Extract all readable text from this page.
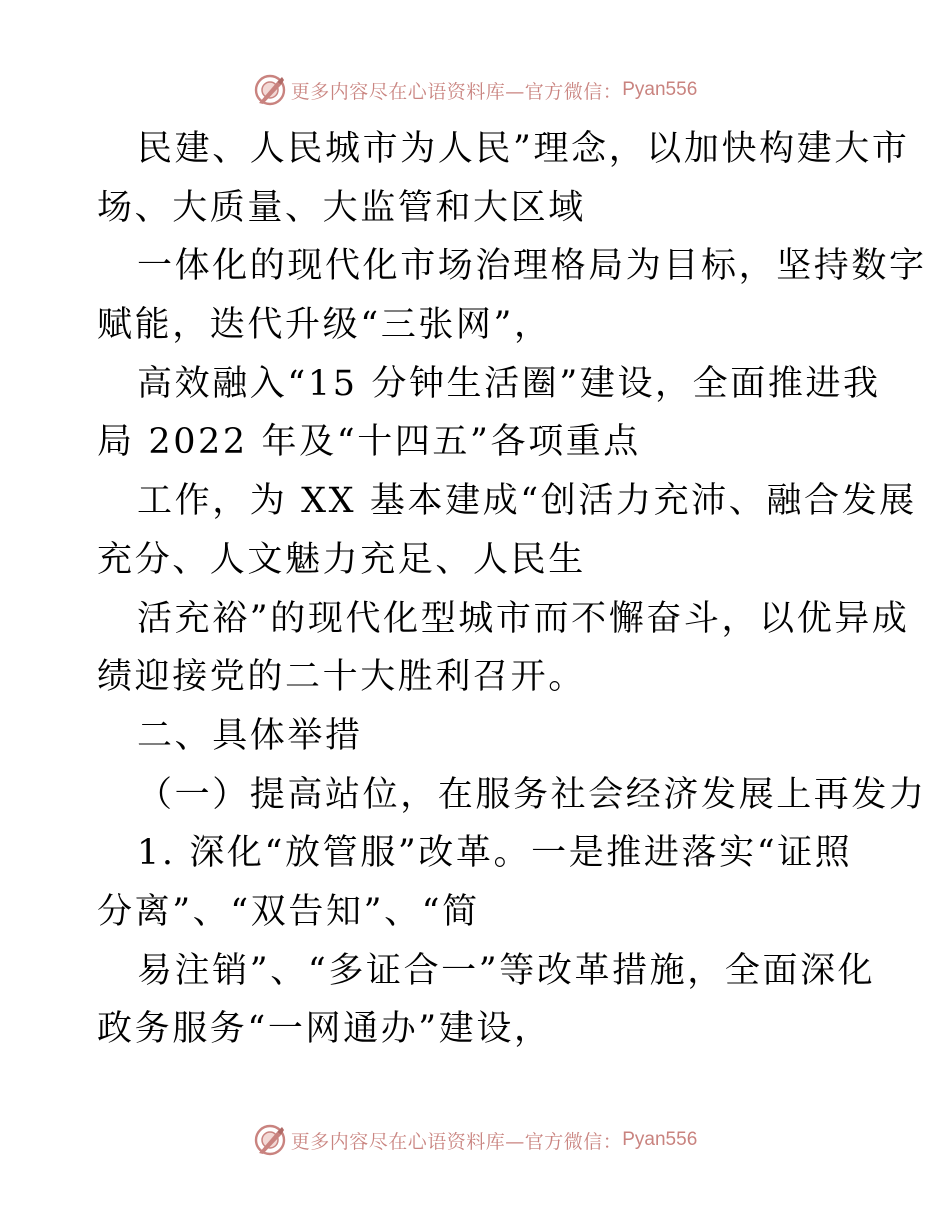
更多内容尽在心语资料库—官方微信： Pyan556
民建、人民城市为人民”理念，以加快构建大市
场、大质量、大监管和大区域
一体化的现代化市场治理格局为目标，坚持数字
赋能，迭代升级“三张网”，
高效融入“15 分钟生活圈”建设，全面推进我
局 2022 年及“十四五”各项重点
工作，为 XX 基本建成“创活力充沛、融合发展
充分、人文魅力充足、人民生
活充裕”的现代化型城市而不懈奋斗，以优异成
绩迎接党的二十大胜利召开。
二、具体举措
（一）提高站位，在服务社会经济发展上再发力
1. 深化“放管服”改革。一是推进落实“证照
分离”、“双告知”、“简
易注销”、“多证合一”等改革措施，全面深化
政务服务“一网通办”建设，
更多内容尽在心语资料库—官方微信： Pyan556
